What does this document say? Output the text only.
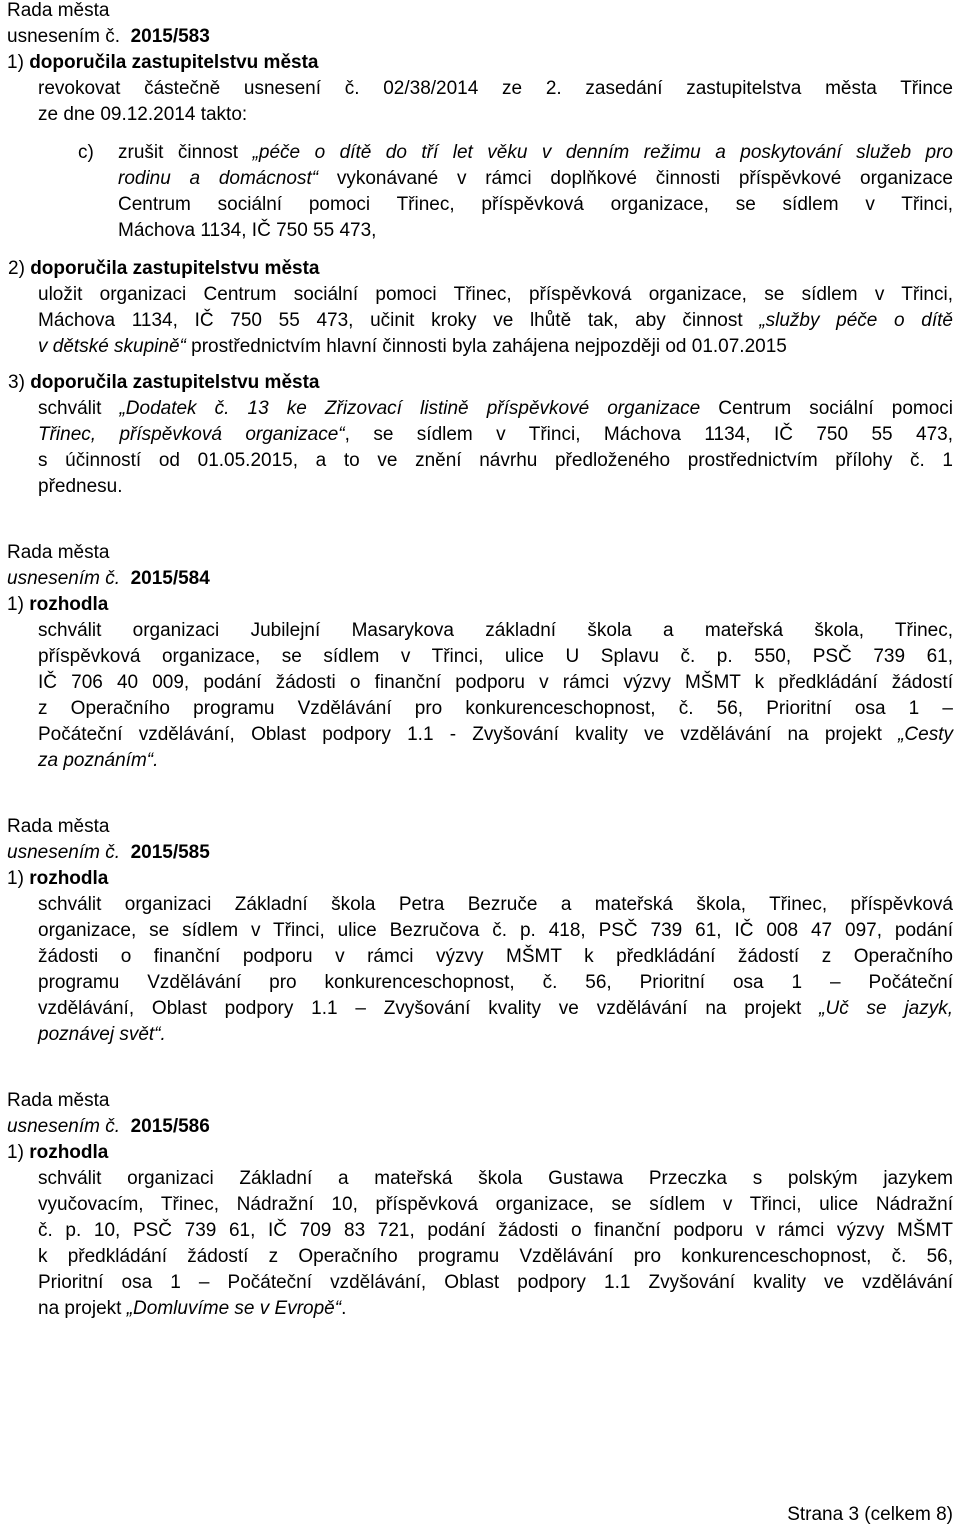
Rada města
usnesením č. 2015/583
1) doporučila zastupitelstvu města
revokovat částečně usnesení č. 02/38/2014 ze 2. zasedání zastupitelstva města Třince
ze dne 09.12.2014 takto:
c) zrušit činnost „péče o dítě do tří let věku v denním režimu a poskytování služeb pro
rodinu a domácnost“ vykonávané v rámci doplňkové činnosti příspěvkové organizace
Centrum sociální pomoci Třinec, příspěvková organizace, se sídlem v Třinci,
Máchova 1134, IČ 750 55 473,
2) doporučila zastupitelstvu města
uložit organizaci Centrum sociální pomoci Třinec, příspěvková organizace, se sídlem v Třinci,
Máchova 1134, IČ 750 55 473, učinit kroky ve lhůtě tak, aby činnost „služby péče o dítě
v dětské skupině“ prostřednictvím hlavní činnosti byla zahájena nejpozději od 01.07.2015
3) doporučila zastupitelstvu města
schválit „Dodatek č. 13 ke Zřizovací listině příspěvkové organizace Centrum sociální pomoci
Třinec, příspěvková organizace“, se sídlem v Třinci, Máchova 1134, IČ 750 55 473,
s účinností od 01.05.2015, a to ve znění návrhu předloženého prostřednictvím přílohy č. 1
přednesu.
Rada města
usnesením č. 2015/584
1) rozhodla
schválit organizaci Jubilejní Masarykova základní škola a mateřská škola, Třinec,
příspěvková organizace, se sídlem v Třinci, ulice U Splavu č. p. 550, PSČ 739 61,
IČ 706 40 009, podání žádosti o finanční podporu v rámci výzvy MŠMT k předkládání žádostí
z Operačního programu Vzdělávání pro konkurenceschopnost, č. 56, Prioritní osa 1 –
Počáteční vzdělávání, Oblast podpory 1.1 - Zvyšování kvality ve vzdělávání na projekt „Cesty
za poznáním“.
Rada města
usnesením č. 2015/585
1) rozhodla
schválit organizaci Základní škola Petra Bezruče a mateřská škola, Třinec, příspěvková
organizace, se sídlem v Třinci, ulice Bezručova č. p. 418, PSČ 739 61, IČ 008 47 097, podání
žádosti o finanční podporu v rámci výzvy MŠMT k předkládání žádostí z Operačního
programu Vzdělávání pro konkurenceschopnost, č. 56, Prioritní osa 1 – Počáteční
vzdělávání, Oblast podpory 1.1 – Zvyšování kvality ve vzdělávání na projekt „Uč se jazyk,
poznávej svět“.
Rada města
usnesením č. 2015/586
1) rozhodla
schválit organizaci Základní a mateřská škola Gustawa Przeczka s polským jazykem
vyučovacím, Třinec, Nádražní 10, příspěvková organizace, se sídlem v Třinci, ulice Nádražní
č. p. 10, PSČ 739 61, IČ 709 83 721, podání žádosti o finanční podporu v rámci výzvy MŠMT
k předkládání žádostí z Operačního programu Vzdělávání pro konkurenceschopnost, č. 56,
Prioritní osa 1 – Počáteční vzdělávání, Oblast podpory 1.1 Zvyšování kvality ve vzdělávání
na projekt „Domluvíme se v Evropě“.
Strana 3 (celkem 8)
